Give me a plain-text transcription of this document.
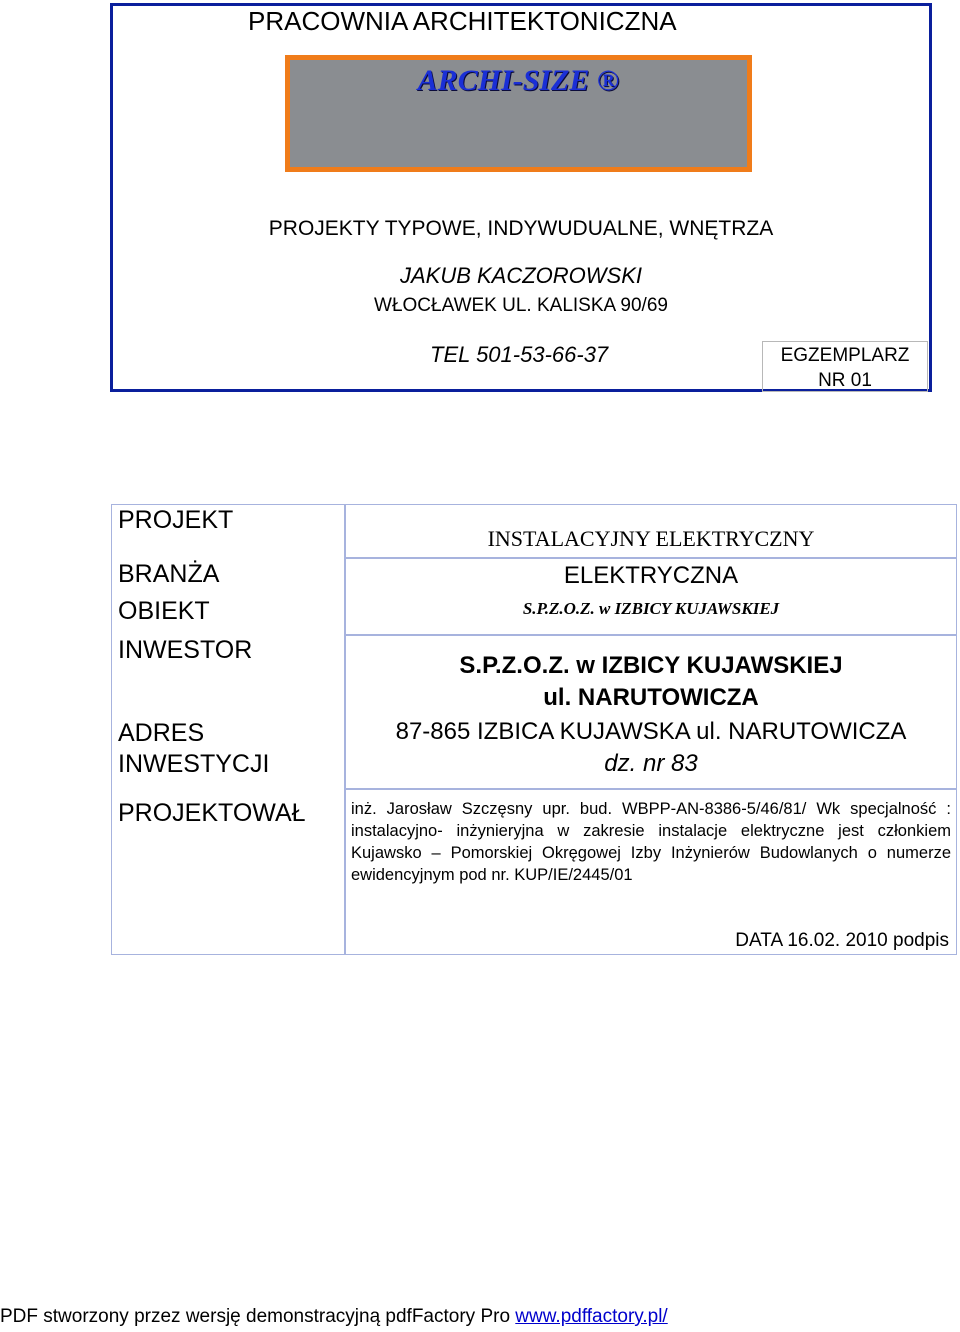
PRACOWNIA ARCHITEKTONICZNA
ARCHI-SIZE ®
PROJEKTY TYPOWE, INDYWUDUALNE, WNĘTRZA
JAKUB KACZOROWSKI
WŁOCŁAWEK UL. KALISKA 90/69
TEL 501-53-66-37	EGZEMPLARZ
NR 01
PROJEKT
BRANŻA
OBIEKT
INWESTOR
ADRES
INWESTYCJI
PROJEKTOWAŁ
INSTALACYJNY ELEKTRYCZNY
ELEKTRYCZNA
S.P.Z.O.Z. w IZBICY KUJAWSKIEJ
S.P.Z.O.Z. w IZBICY KUJAWSKIEJ
ul. NARUTOWICZA
87-865 IZBICA KUJAWSKA ul. NARUTOWICZA
dz. nr 83
inż. Jarosław Szczęsny upr. bud. WBPP-AN-8386-5/46/81/ Wk specjalność : instalacyjno- inżynieryjna w zakresie instalacje elektryczne jest członkiem Kujawsko – Pomorskiej Okręgowej Izby Inżynierów Budowlanych o numerze ewidencyjnym pod nr. KUP/IE/2445/01
DATA 16.02. 2010 podpis
PDF stworzony przez wersję demonstracyjną pdfFactory Pro www.pdffactory.pl/
